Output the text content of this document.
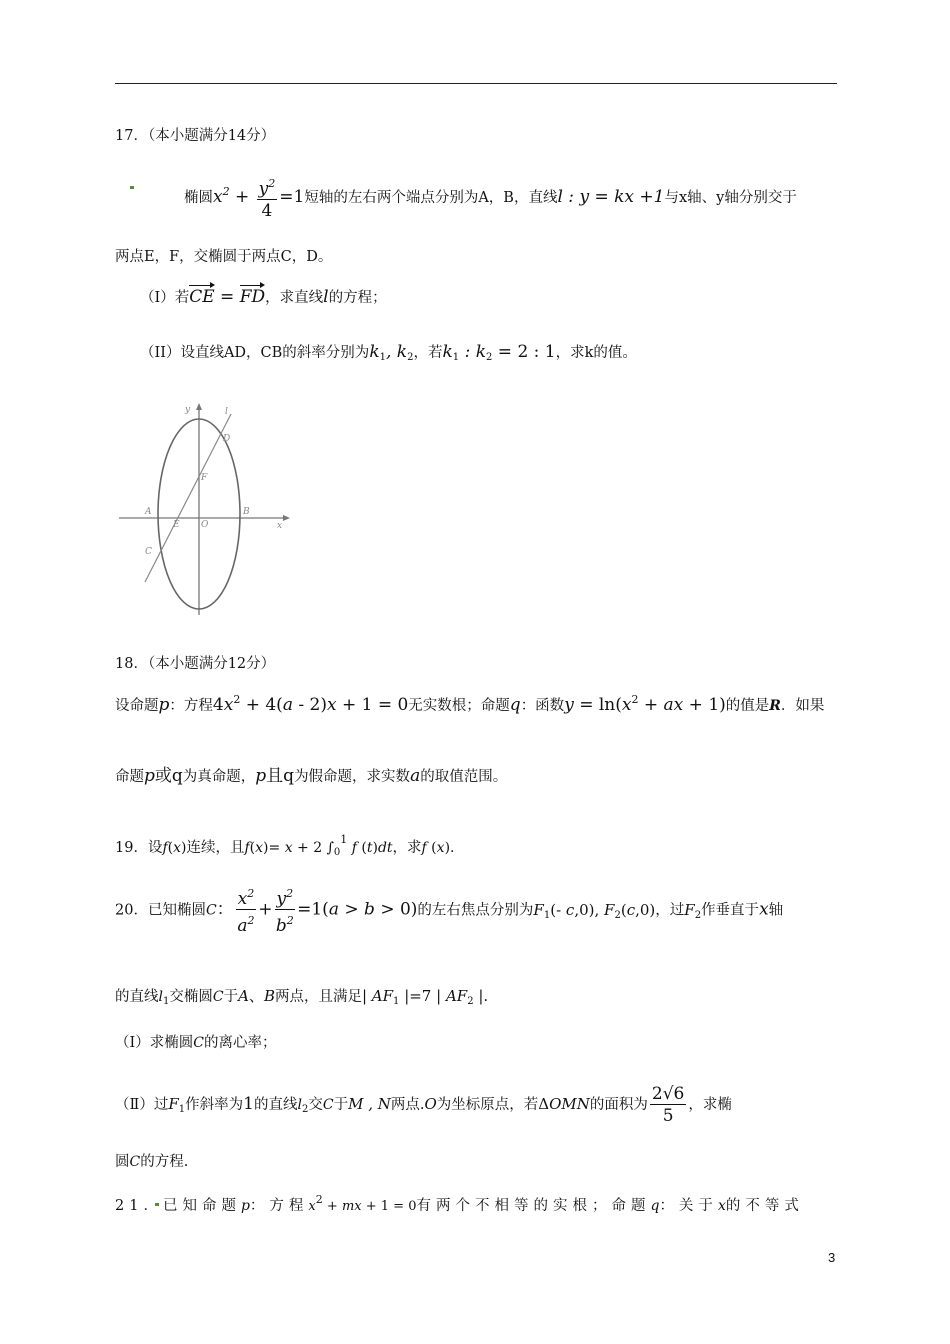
17．（本小题满分14分）
椭圆$x^2 + \frac{y^2}{4} =1$短轴的左右两个端点分别为A，B，直线l : y = kx +1与x轴、y轴分别交于
两点E，F，交椭圆于两点C，D。
（I）若CE = FD，求直线l的方程；
（II）设直线AD，CB的斜率分别为$k_1$, $k_2$，若$k_1$ : $k_2 = 2$ : 1，求k的值。
y	l
D
F
A
E O
B
x
C
18．（本小题满分12分）
设命题p：方程$4x^2 + 4(a - 2)x + 1 = 0$无实数根；命题q：函数$y = \ln(x^2$ + ax + 1)的值是R．如果
命题p或q为真命题，p且q为假命题，求实数a的取值范围。
19．设f(x)连续，且f(x)= x + 2 $\int_0^1$ f (t)dt，求f (x).
20．已知椭圆C： $\frac{x^2}{a^2} + \frac{y^2}{b^2} =1(a > b > 0)$的左右焦点分别为$F_1(-$ c,0), $F_2(c,0)$，过$F_2$作垂直于x轴
的直线$l_1$交椭圆C于A、B两点，且满足| $AF_1$ |=7 | $AF_2$ |.
（Ⅰ）求椭圆C的离心率；
（Ⅱ）过$F_1$作斜率为1的直线$l_2$交C于M , N两点.O为坐标原点，若ΔOMN的面积为 $\frac{2√6}{5}$ ，求椭
圆C的方程.
21．已知命题p：方程$x^2$ + mx + 1 = 0有两个不相等的实根；命题q：关于x的不等式
3
